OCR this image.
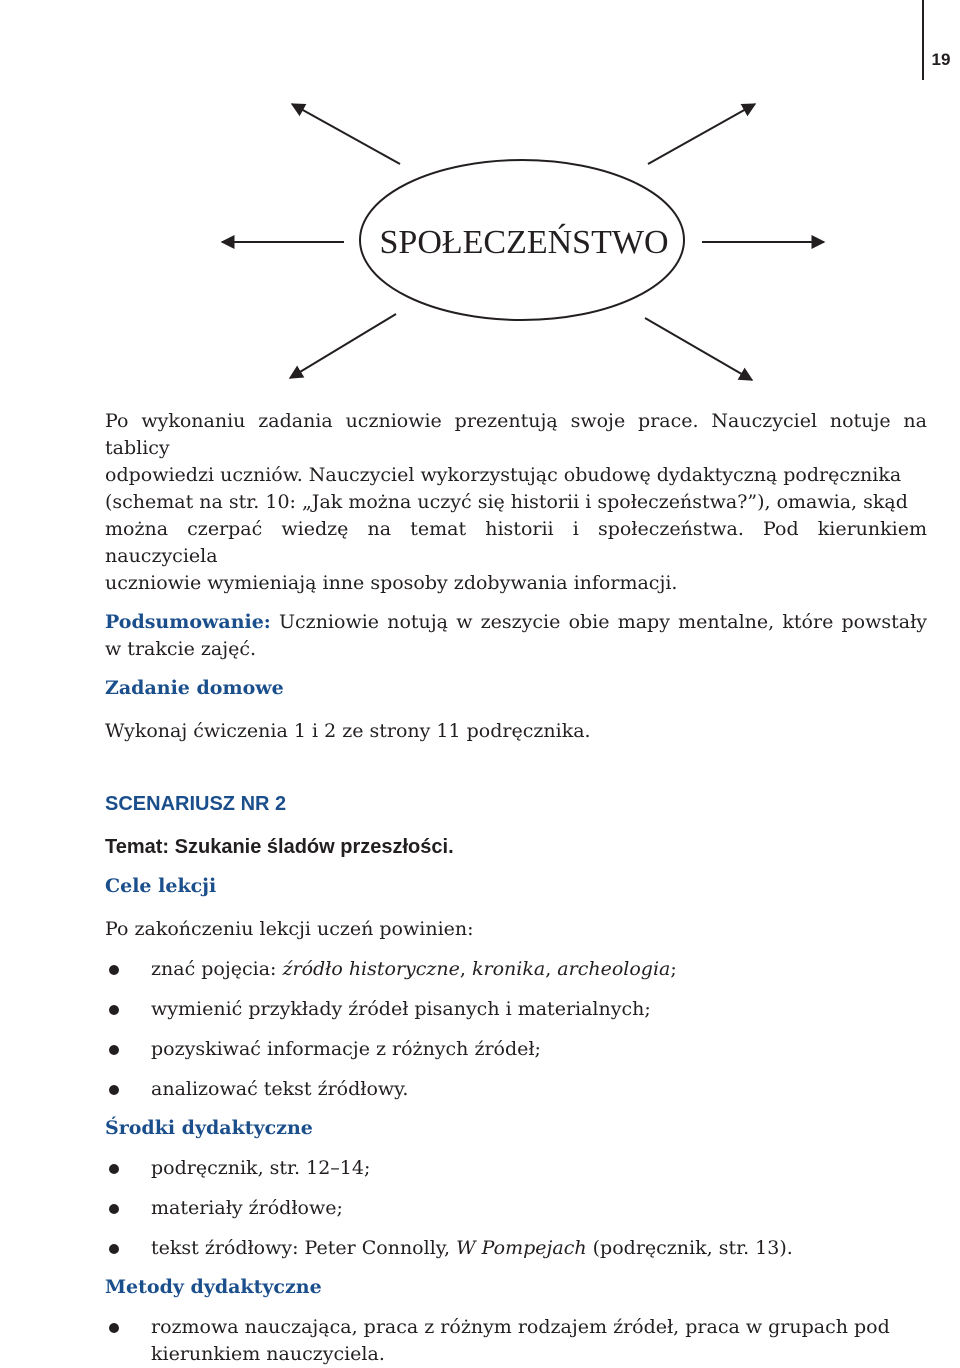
19
SPOŁECZEŃSTWO

Po wykonaniu zadania uczniowie prezentują swoje prace. Nauczyciel notuje na tablicy

odpowiedzi uczniów. Nauczyciel wykorzystując obudowę dydaktyczną podręcznika

(schemat na str. 10: „Jak można uczyć się historii i społeczeństwa?”), omawia, skąd

można czerpać wiedzę na temat historii i społeczeństwa. Pod kierunkiem nauczyciela

uczniowie wymieniają inne sposoby zdobywania informacji.

Podsumowanie: Uczniowie notują w zeszycie obie mapy mentalne, które powstały w trakcie zajęć.

Zadanie domowe

Wykonaj ćwiczenia 1 i 2 ze strony 11 podręcznika.

SCENARIUSZ NR 2

Temat: Szukanie śladów przeszłości.

Cele lekcji

Po zakończeniu lekcji uczeń powinien:

znać pojęcia: źródło historyczne, kronika, archeologia;
wymienić przykłady źródeł pisanych i materialnych;
pozyskiwać informacje z różnych źródeł;
analizować tekst źródłowy.

Środki dydaktyczne

podręcznik, str. 12–14;
materiały źródłowe;
tekst źródłowy: Peter Connolly, W Pompejach (podręcznik, str. 13).

Metody dydaktyczne

rozmowa nauczająca, praca z różnym rodzajem źródeł, praca w grupach pod kierunkiem nauczyciela.
